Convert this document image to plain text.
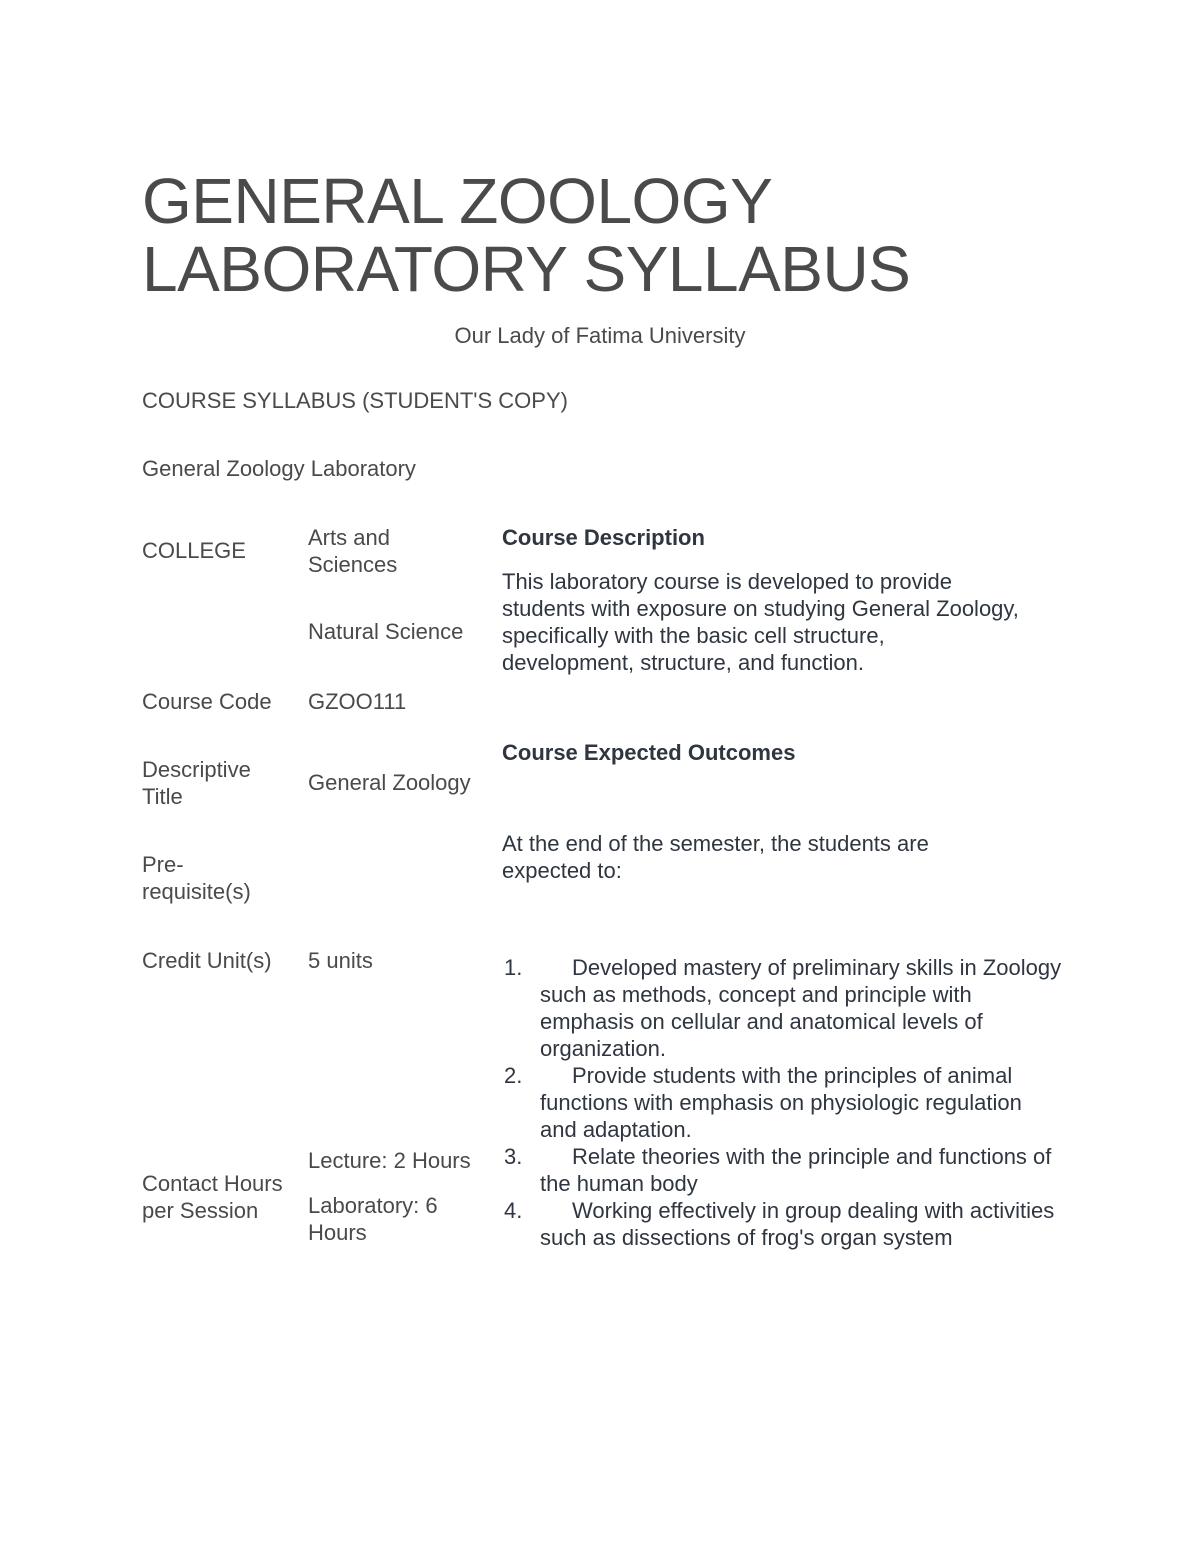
GENERAL ZOOLOGY
LABORATORY SYLLABUS
Our Lady of Fatima University
COURSE SYLLABUS (STUDENT'S COPY)
General Zoology Laboratory
COLLEGE
Arts and Sciences
Natural Science
Course Code GZOO111
Descriptive Title
General Zoology
Pre-requisite(s)
Credit Unit(s) 5 units
Contact Hours per Session
Lecture: 2 Hours
Laboratory: 6 Hours
Course Description
This laboratory course is developed to provide students with exposure on studying General Zoology, specifically with the basic cell structure, development, structure, and function.
Course Expected Outcomes
At the end of the semester, the students are expected to:
1. Developed mastery of preliminary skills in Zoology such as methods, concept and principle with emphasis on cellular and anatomical levels of organization.
2. Provide students with the principles of animal functions with emphasis on physiologic regulation and adaptation.
3. Relate theories with the principle and functions of the human body
4. Working effectively in group dealing with activities such as dissections of frog's organ system
